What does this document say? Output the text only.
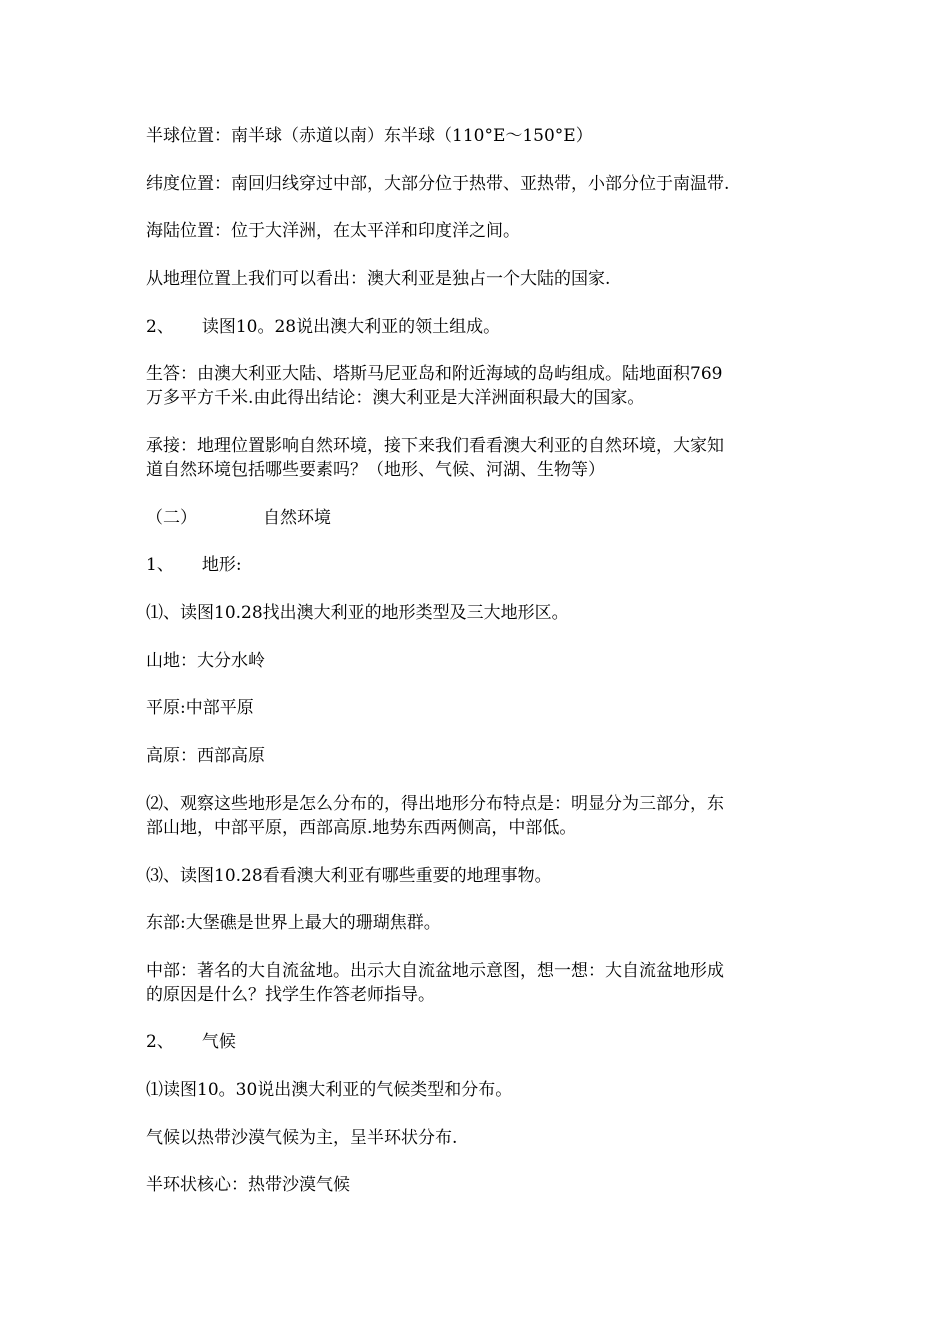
半球位置：南半球（赤道以南）东半球（110°E～150°E）
纬度位置：南回归线穿过中部，大部分位于热带、亚热带，小部分位于南温带.
海陆位置：位于大洋洲，在太平洋和印度洋之间。
从地理位置上我们可以看出：澳大利亚是独占一个大陆的国家.
2、 读图10。28说出澳大利亚的领土组成。
生答：由澳大利亚大陆、塔斯马尼亚岛和附近海域的岛屿组成。陆地面积769
万多平方千米.由此得出结论：澳大利亚是大洋洲面积最大的国家。
承接：地理位置影响自然环境，接下来我们看看澳大利亚的自然环境，大家知
道自然环境包括哪些要素吗？（地形、气候、河湖、生物等）
（二）	自然环境
1、 地形:
⑴、读图10.28找出澳大利亚的地形类型及三大地形区。
山地：大分水岭
平原:中部平原
高原：西部高原
⑵、观察这些地形是怎么分布的，得出地形分布特点是：明显分为三部分，东
部山地，中部平原，西部高原.地势东西两侧高，中部低。
⑶、读图10.28看看澳大利亚有哪些重要的地理事物。
东部:大堡礁是世界上最大的珊瑚焦群。
中部：著名的大自流盆地。出示大自流盆地示意图，想一想：大自流盆地形成
的原因是什么？找学生作答老师指导。
2、 气候
⑴读图10。30说出澳大利亚的气候类型和分布。
气候以热带沙漠气候为主，呈半环状分布.
半环状核心：热带沙漠气候
